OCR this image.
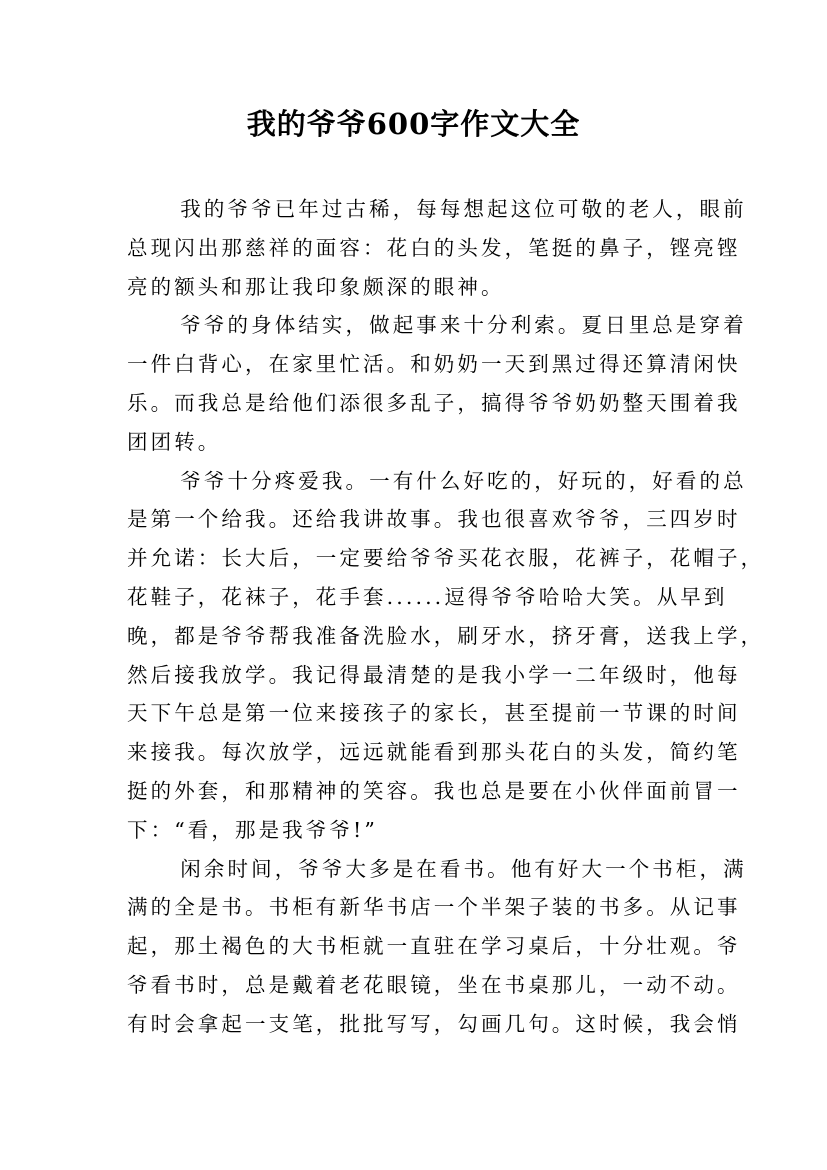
我的爷爷600字作文大全

我的爷爷已年过古稀，每每想起这位可敬的老人，眼前
总现闪出那慈祥的面容：花白的头发，笔挺的鼻子，铿亮铿
亮的额头和那让我印象颇深的眼神。

爷爷的身体结实，做起事来十分利索。夏日里总是穿着
一件白背心，在家里忙活。和奶奶一天到黑过得还算清闲快
乐。而我总是给他们添很多乱子，搞得爷爷奶奶整天围着我
团团转。

爷爷十分疼爱我。一有什么好吃的，好玩的，好看的总
是第一个给我。还给我讲故事。我也很喜欢爷爷，三四岁时
并允诺：长大后，一定要给爷爷买花衣服，花裤子，花帽子，
花鞋子，花袜子，花手套......逗得爷爷哈哈大笑。从早到
晚，都是爷爷帮我准备洗脸水，刷牙水，挤牙膏，送我上学，
然后接我放学。我记得最清楚的是我小学一二年级时，他每
天下午总是第一位来接孩子的家长，甚至提前一节课的时间
来接我。每次放学，远远就能看到那头花白的头发，简约笔
挺的外套，和那精神的笑容。我也总是要在小伙伴面前冒一
下：“看，那是我爷爷!”

闲余时间，爷爷大多是在看书。他有好大一个书柜，满
满的全是书。书柜有新华书店一个半架子装的书多。从记事
起，那土褐色的大书柜就一直驻在学习桌后，十分壮观。爷
爷看书时，总是戴着老花眼镜，坐在书桌那儿，一动不动。
有时会拿起一支笔，批批写写，勾画几句。这时候，我会悄
